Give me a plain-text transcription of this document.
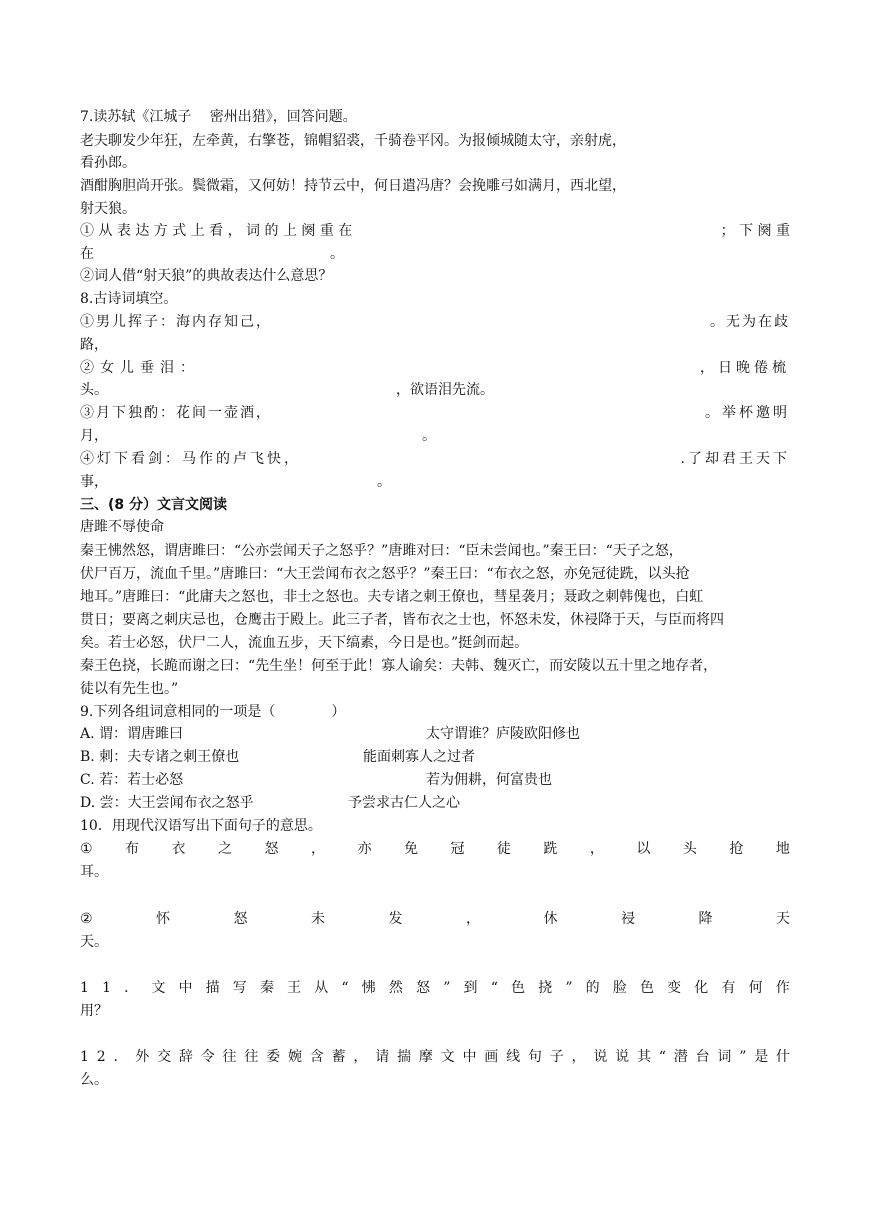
7.读苏轼《江城子　 密州出猎》，回答问题。
老夫聊发少年狂，左牵黄，右擎苍，锦帽貂裘，千骑卷平冈。为报倾城随太守，亲射虎，
看孙郎。
酒酣胸胆尚开张。鬓微霜，又何妨！持节云中，何日遣冯唐？会挽雕弓如满月，西北望，
射天狼。
① 从 表 达 方 式 上 看 ， 词 的 上 阕 重 在	； 下 阕 重
在	。
②词人借“射天狼”的典故表达什么意思？
8.古诗词填空。
①男儿挥子：海内存知己，	。无为在歧
路，
②女儿垂泪：	，日晚倦梳
头。	，欲语泪先流。
③月下独酌：花间一壶酒，	。举杯邀明
月，	。
④灯下看剑：马作的卢飞快，	.了却君王天下
事，	。
三、(8 分）文言文阅读
唐雎不辱使命
秦王怫然怒，谓唐雎曰：“公亦尝闻天子之怒乎？”唐雎对曰：“臣未尝闻也。”秦王曰：“天子之怒，
伏尸百万，流血千里。”唐雎曰：“大王尝闻布衣之怒乎？”秦王曰：“布衣之怒，亦免冠徒跣，以头抢
地耳。”唐雎曰：“此庸夫之怒也，非士之怒也。夫专诸之刺王僚也，彗星袭月；聂政之刺韩傀也，白虹
贯日；要离之刺庆忌也，仓鹰击于殿上。此三子者，皆布衣之士也，怀怒未发，休祲降于天，与臣而将四
矣。若士必怒，伏尸二人，流血五步，天下缟素，今日是也。”挺剑而起。
秦王色挠，长跪而谢之曰：“先生坐！何至于此！寡人谕矣：夫韩、魏灭亡，而安陵以五十里之地存者，
徒以有先生也。”
9.下列各组词意相同的一项是（　　　　）
A. 谓：谓唐雎曰	太守谓谁？庐陵欧阳修也
B. 刺：夫专诸之刺王僚也	能面刺寡人之过者
C. 若：若士必怒	若为佣耕，何富贵也
D. 尝：大王尝闻布衣之怒乎	予尝求古仁人之心
10．用现代汉语写出下面句子的意思。
① 布 衣 之 怒 ， 亦 免 冠 徒 跣 ， 以 头 抢 地
耳。
②	怀	怒	未	发	，	休	祲	降	天
天。
1 1 ． 文 中 描 写 秦 王 从 “ 怫 然 怒 ” 到 “ 色 挠 ” 的 脸 色 变 化 有 何 作
用？
1 2 ． 外 交 辞 令 往 往 委 婉 含 蓄 ， 请 揣 摩 文 中 画 线 句 子 ， 说 说 其 “ 潜 台 词 ” 是 什
么。
